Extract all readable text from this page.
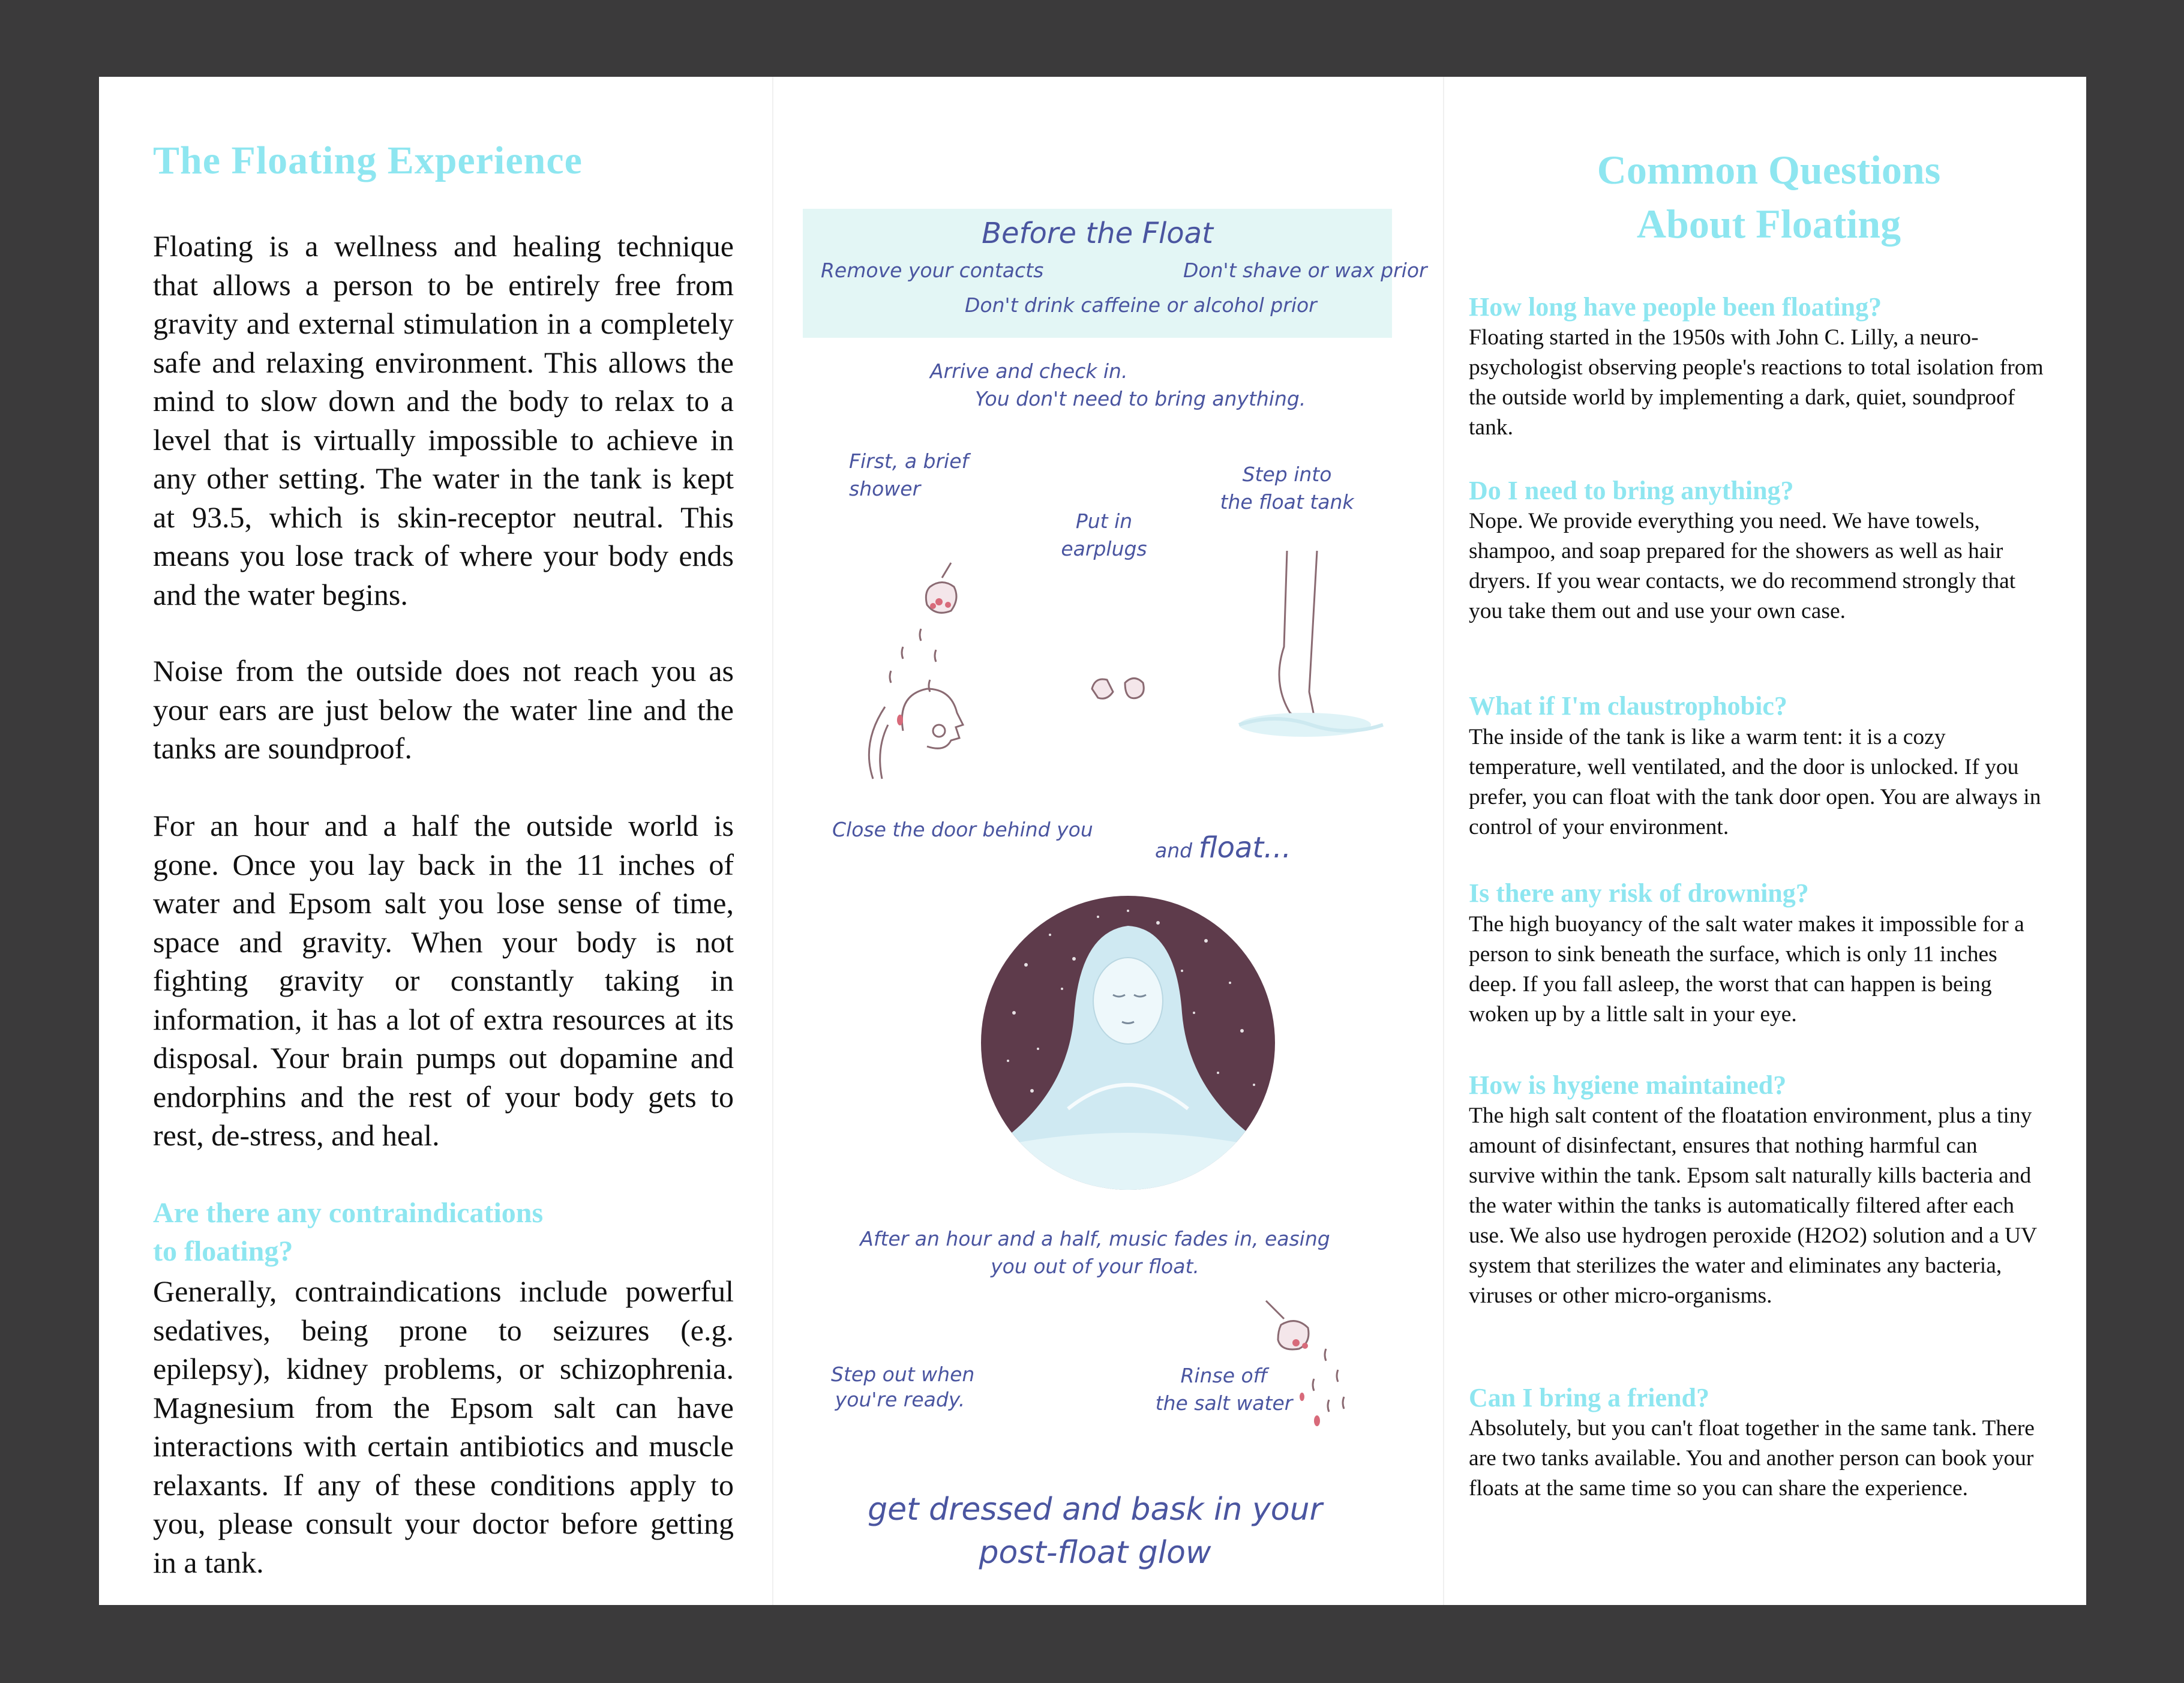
The Floating Experience

Floating is a wellness and healing technique that allows a person to be entirely free from gravity and external stimulation in a completely safe and relaxing environment. This allows the mind to slow down and the body to relax to a level that is virtually impossible to achieve in any other setting. The water in the tank is kept at 93.5, which is skin-receptor neutral. This means you lose track of where your body ends and the water begins.

Noise from the outside does not reach you as your ears are just below the water line and the tanks are soundproof.

For an hour and a half the outside world is gone. Once you lay back in the 11 inches of water and Epsom salt you lose sense of time, space and gravity. When your body is not fighting gravity or constantly taking in information, it has a lot of extra resources at its disposal. Your brain pumps out dopamine and endorphins and the rest of your body gets to rest, de-stress, and heal.

Are there any contraindications
to floating?

Generally, contraindications include powerful sedatives, being prone to seizures (e.g. epilepsy), kidney problems, or schizophrenia. Magnesium from the Epsom salt can have interactions with certain antibiotics and muscle relaxants. If any of these conditions apply to you, please consult your doctor before getting in a tank.

Before the Float
Remove your contacts	Don't shave or wax prior
Don't drink caffeine or alcohol prior
Arrive and check in.
You don't need to bring anything.
First, a brief
shower
Put in
earplugs
Step into
the float tank
Close the door behind you
and float...
After an hour and a half, music fades in, easing
you out of your float.
Step out when
you're ready.
Rinse off
the salt water
get dressed and bask in your
post-float glow
Common Questions
About Floating
How long have people been floating?

Floating started in the 1950s with John C. Lilly, a neuro-psychologist observing people's reactions to total isolation from the outside world by implementing a dark, quiet, soundproof tank.

Do I need to bring anything?

Nope. We provide everything you need. We have towels, shampoo, and soap prepared for the showers as well as hair dryers. If you wear contacts, we do recommend strongly that you take them out and use your own case.

What if I'm claustrophobic?

The inside of the tank is like a warm tent: it is a cozy temperature, well ventilated, and the door is unlocked. If you prefer, you can float with the tank door open. You are always in control of your environment.

Is there any risk of drowning?

The high buoyancy of the salt water makes it impossible for a person to sink beneath the surface, which is only 11 inches deep. If you fall asleep, the worst that can happen is being woken up by a little salt in your eye.

How is hygiene maintained?

The high salt content of the floatation environment, plus a tiny amount of disinfectant, ensures that nothing harmful can survive within the tank. Epsom salt naturally kills bacteria and the water within the tanks is automatically filtered after each use. We also use hydrogen peroxide (H2O2) solution and a UV system that sterilizes the water and eliminates any bacteria, viruses or other micro-organisms.

Can I bring a friend?

Absolutely, but you can't float together in the same tank. There are two tanks available. You and another person can book your floats at the same time so you can share the experience.
